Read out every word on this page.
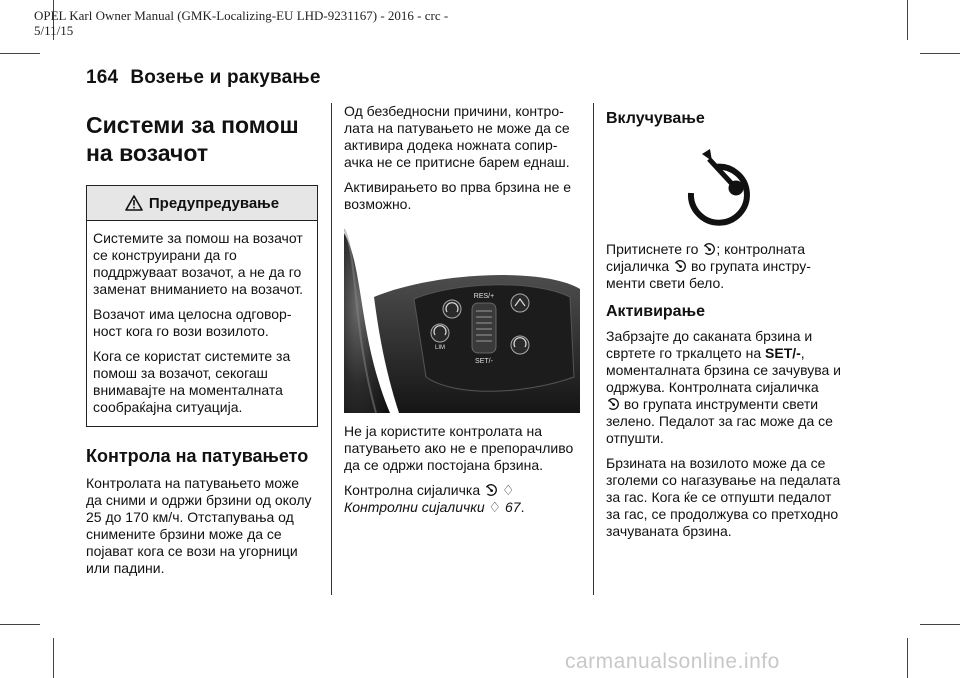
OPEL Karl Owner Manual (GMK-Localizing-EU LHD-9231167) - 2016 - crc -
5/11/15
164 Возење и ракување
Системи за помош
на возачот
Предупредување

Системите за помош на возачот се конструирани да го поддржуваат возачот, а не да го заменат вниманието на возачот.

Возачот има целосна одговорност кога го вози возилото.

Кога се користат системите за помош за возачот, секогаш внимавајте на моменталната сообраќајна ситуација.

Контрола на патувањето

Контролата на патувањето може да сними и одржи брзини од околу 25 до 170 км/ч. Отстапувања од снимените брзини може да се појават кога се вози на угорници или падини.

Од безбедносни причини, контролата на патувањето не може да се активира додека ножната сопирачка не се притисне барем еднаш.

Активирањето во прва брзина не е возможно.

RES/+
SET/-
LIM

Не ја користите контролата на патувањето ако не е препорачливо да се одржи постојана брзина.

Контролна сијаличка ♢
Контролни сијалички ♢ 67.

Вклучување

Притиснете го ; контролната сијаличка во групата инструменти свети бело.

Активирање

Забрзајте до саканата брзина и свртете го тркалцето на SET/-, моменталната брзина се зачувува и одржува. Контролната сијаличка
во групата инструменти свети зелено. Педалот за гас може да се отпушти.

Брзината на возилото може да се зголеми со нагазување на педалата за гас. Кога ќе се отпушти педалот за гас, се продолжува со претходно зачуваната брзина.

carmanualsonline.info
